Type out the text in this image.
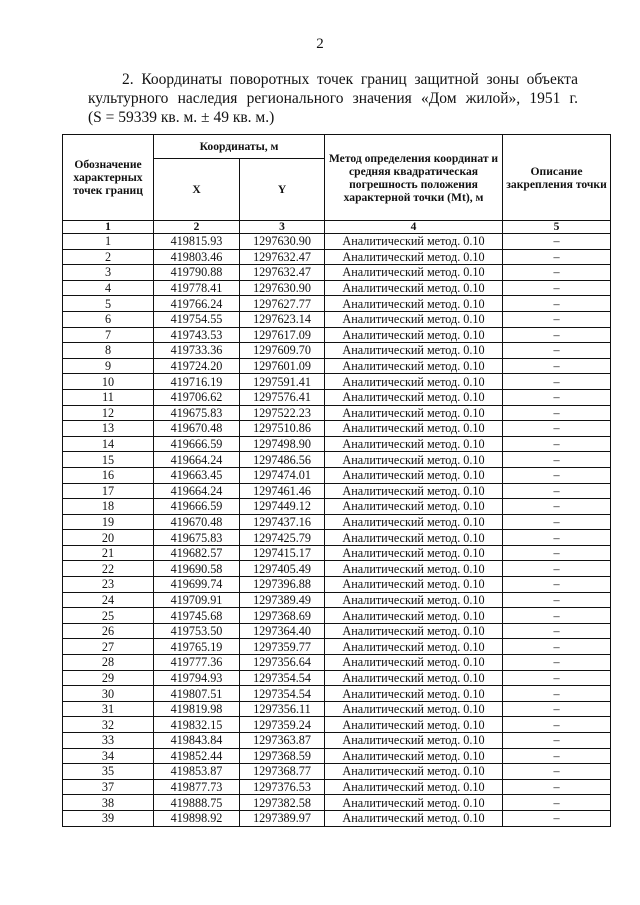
2
2. Координаты поворотных точек границ защитной зоны объекта
культурного наследия регионального значения «Дом жилой», 1951 г.
(S = 59339 кв. м. ± 49 кв. м.)
Обозначение характерных точек границ	Координаты, м		Метод определения координат и средняя квадратическая погрешность положения характерной точки (Mt), м	Описание закрепления точки
	X	Y		
1	2	3	4	5
1	419815.93	1297630.90	Аналитический метод. 0.10	–
2	419803.46	1297632.47	Аналитический метод. 0.10	–
3	419790.88	1297632.47	Аналитический метод. 0.10	–
4	419778.41	1297630.90	Аналитический метод. 0.10	–
5	419766.24	1297627.77	Аналитический метод. 0.10	–
6	419754.55	1297623.14	Аналитический метод. 0.10	–
7	419743.53	1297617.09	Аналитический метод. 0.10	–
8	419733.36	1297609.70	Аналитический метод. 0.10	–
9	419724.20	1297601.09	Аналитический метод. 0.10	–
10	419716.19	1297591.41	Аналитический метод. 0.10	–
11	419706.62	1297576.41	Аналитический метод. 0.10	–
12	419675.83	1297522.23	Аналитический метод. 0.10	–
13	419670.48	1297510.86	Аналитический метод. 0.10	–
14	419666.59	1297498.90	Аналитический метод. 0.10	–
15	419664.24	1297486.56	Аналитический метод. 0.10	–
16	419663.45	1297474.01	Аналитический метод. 0.10	–
17	419664.24	1297461.46	Аналитический метод. 0.10	–
18	419666.59	1297449.12	Аналитический метод. 0.10	–
19	419670.48	1297437.16	Аналитический метод. 0.10	–
20	419675.83	1297425.79	Аналитический метод. 0.10	–
21	419682.57	1297415.17	Аналитический метод. 0.10	–
22	419690.58	1297405.49	Аналитический метод. 0.10	–
23	419699.74	1297396.88	Аналитический метод. 0.10	–
24	419709.91	1297389.49	Аналитический метод. 0.10	–
25	419745.68	1297368.69	Аналитический метод. 0.10	–
26	419753.50	1297364.40	Аналитический метод. 0.10	–
27	419765.19	1297359.77	Аналитический метод. 0.10	–
28	419777.36	1297356.64	Аналитический метод. 0.10	–
29	419794.93	1297354.54	Аналитический метод. 0.10	–
30	419807.51	1297354.54	Аналитический метод. 0.10	–
31	419819.98	1297356.11	Аналитический метод. 0.10	–
32	419832.15	1297359.24	Аналитический метод. 0.10	–
33	419843.84	1297363.87	Аналитический метод. 0.10	–
34	419852.44	1297368.59	Аналитический метод. 0.10	–
35	419853.87	1297368.77	Аналитический метод. 0.10	–
37	419877.73	1297376.53	Аналитический метод. 0.10	–
38	419888.75	1297382.58	Аналитический метод. 0.10	–
39	419898.92	1297389.97	Аналитический метод. 0.10	–
